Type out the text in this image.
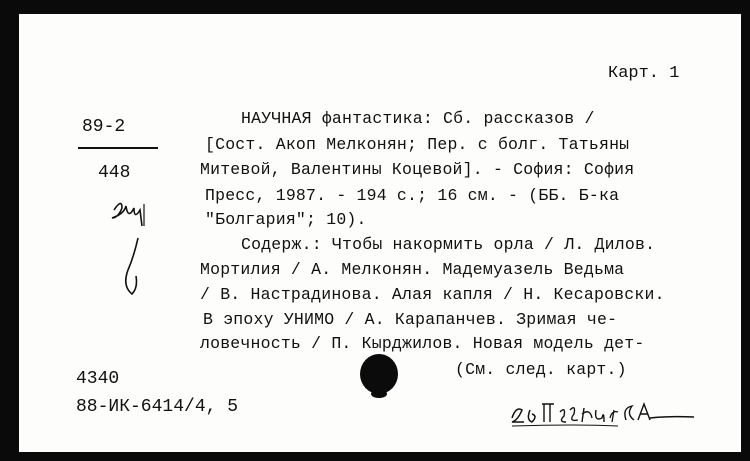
Карт. 1
89-2
448
НАУЧНАЯ фантастика: Сб. рассказов /
[Сост. Акоп Мелконян; Пер. с болг. Татьяны
Митевой, Валентины Коцевой]. - София: София
Пресс, 1987. - 194 с.; 16 см. - (ББ. Б-ка
"Болгария"; 10).
Содерж.: Чтобы накормить орла / Л. Дилов.
Мортилия / А. Мелконян. Мадемуазель Ведьма
/ В. Настрадинова. Алая капля / Н. Кесаровски.
В эпоху УНИМО / А. Карапанчев. Зримая че-
ловечность / П. Кырджилов. Новая модель дет-
(См. след. карт.)
4340
88-ИК-6414/4, 5
